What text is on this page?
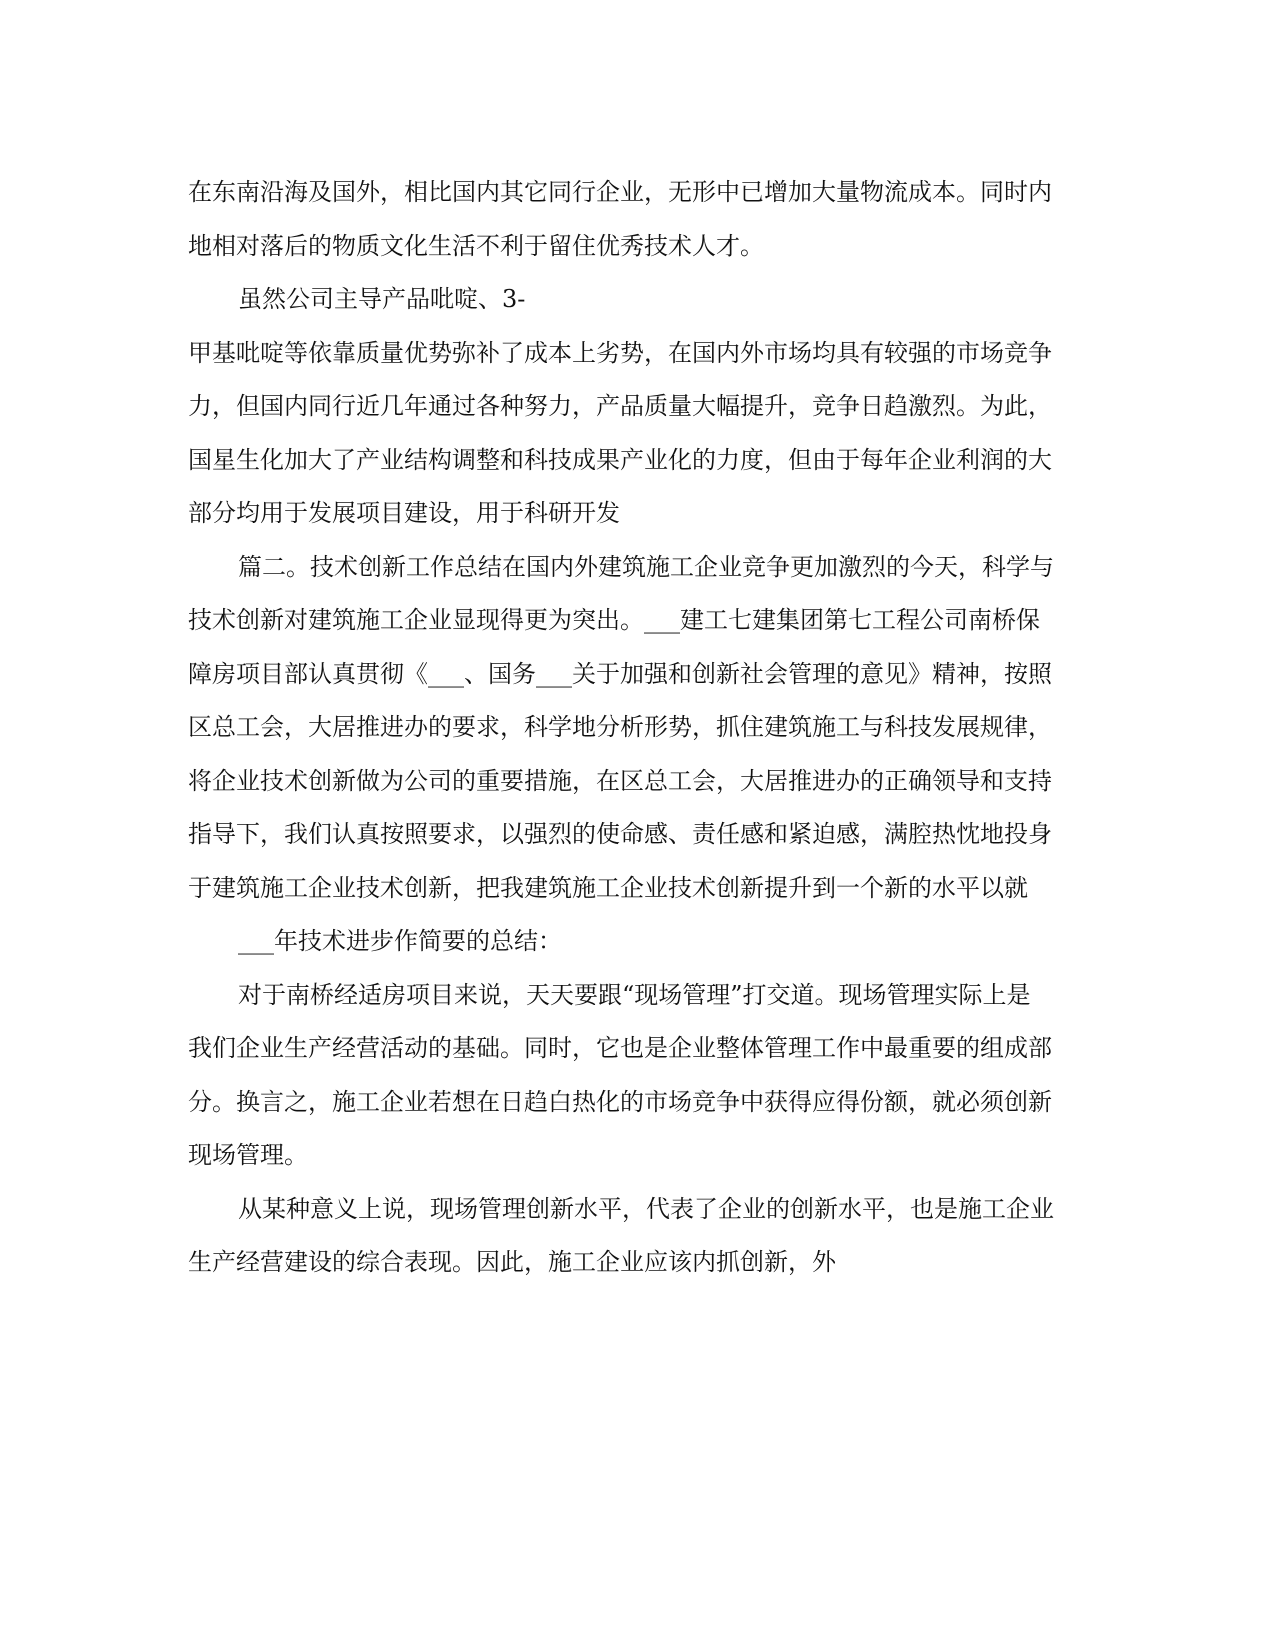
在东南沿海及国外，相比国内其它同行企业，无形中已增加大量物流成本。同时内
地相对落后的物质文化生活不利于留住优秀技术人才。
虽然公司主导产品吡啶、3-
甲基吡啶等依靠质量优势弥补了成本上劣势，在国内外市场均具有较强的市场竞争
力，但国内同行近几年通过各种努力，产品质量大幅提升，竞争日趋激烈。为此，
国星生化加大了产业结构调整和科技成果产业化的力度，但由于每年企业利润的大
部分均用于发展项目建设，用于科研开发
篇二。技术创新工作总结在国内外建筑施工企业竞争更加激烈的今天，科学与
技术创新对建筑施工企业显现得更为突出。___建工七建集团第七工程公司南桥保
障房项目部认真贯彻《___、国务___关于加强和创新社会管理的意见》精神，按照
区总工会，大居推进办的要求，科学地分析形势，抓住建筑施工与科技发展规律，
将企业技术创新做为公司的重要措施，在区总工会，大居推进办的正确领导和支持
指导下，我们认真按照要求，以强烈的使命感、责任感和紧迫感，满腔热忱地投身
于建筑施工企业技术创新，把我建筑施工企业技术创新提升到一个新的水平以就
___年技术进步作简要的总结：
对于南桥经适房项目来说，天天要跟“现场管理”打交道。现场管理实际上是
我们企业生产经营活动的基础。同时，它也是企业整体管理工作中最重要的组成部
分。换言之，施工企业若想在日趋白热化的市场竞争中获得应得份额，就必须创新
现场管理。
从某种意义上说，现场管理创新水平，代表了企业的创新水平，也是施工企业
生产经营建设的综合表现。因此，施工企业应该内抓创新，外
